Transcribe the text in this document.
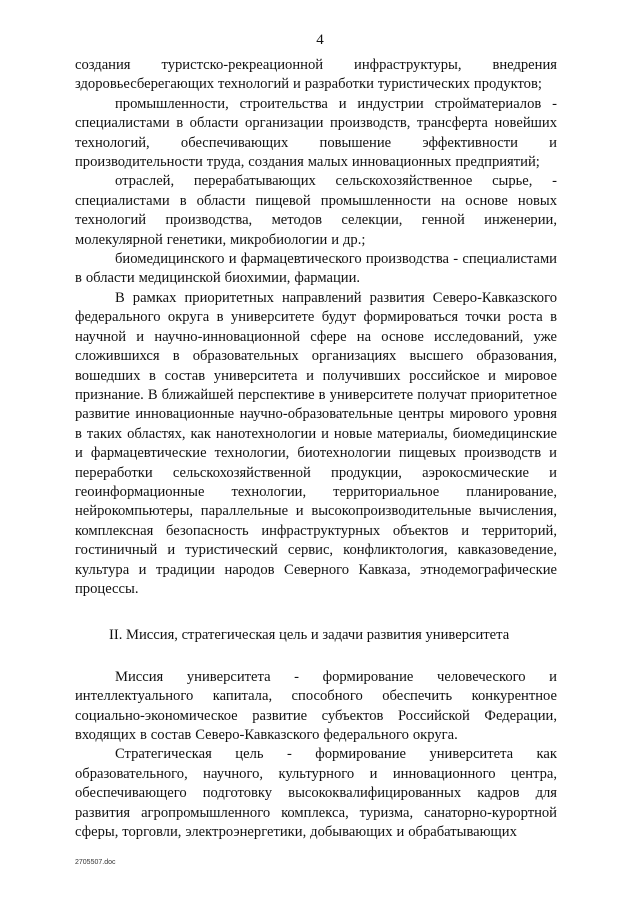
4

создания туристско-рекреационной инфраструктуры, внедрения здоровьесберегающих технологий и разработки туристических продуктов;

промышленности, строительства и индустрии стройматериалов - специалистами в области организации производств, трансферта новейших технологий, обеспечивающих повышение эффективности и производительности труда, создания малых инновационных предприятий;

отраслей, перерабатывающих сельскохозяйственное сырье, - специалистами в области пищевой промышленности на основе новых технологий производства, методов селекции, генной инженерии, молекулярной генетики, микробиологии и др.;

биомедицинского и фармацевтического производства - специалистами в области медицинской биохимии, фармации.

В рамках приоритетных направлений развития Северо-Кавказского федерального округа в университете будут формироваться точки роста в научной и научно-инновационной сфере на основе исследований, уже сложившихся в образовательных организациях высшего образования, вошедших в состав университета и получивших российское и мировое признание. В ближайшей перспективе в университете получат приоритетное развитие инновационные научно-образовательные центры мирового уровня в таких областях, как нанотехнологии и новые материалы, биомедицинские и фармацевтические технологии, биотехнологии пищевых производств и переработки сельскохозяйственной продукции, аэрокосмические и геоинформационные технологии, территориальное планирование, нейрокомпьютеры, параллельные и высокопроизводительные вычисления, комплексная безопасность инфраструктурных объектов и территорий, гостиничный и туристический сервис, конфликтология, кавказоведение, культура и традиции народов Северного Кавказа, этнодемографические процессы.

II. Миссия, стратегическая цель и задачи развития университета

Миссия университета - формирование человеческого и интеллектуального капитала, способного обеспечить конкурентное социально-экономическое развитие субъектов Российской Федерации, входящих в состав Северо-Кавказского федерального округа.

Стратегическая цель - формирование университета как образовательного, научного, культурного и инновационного центра, обеспечивающего подготовку высококвалифицированных кадров для развития агропромышленного комплекса, туризма, санаторно-курортной сферы, торговли, электроэнергетики, добывающих и обрабатывающих

2705507.doc
